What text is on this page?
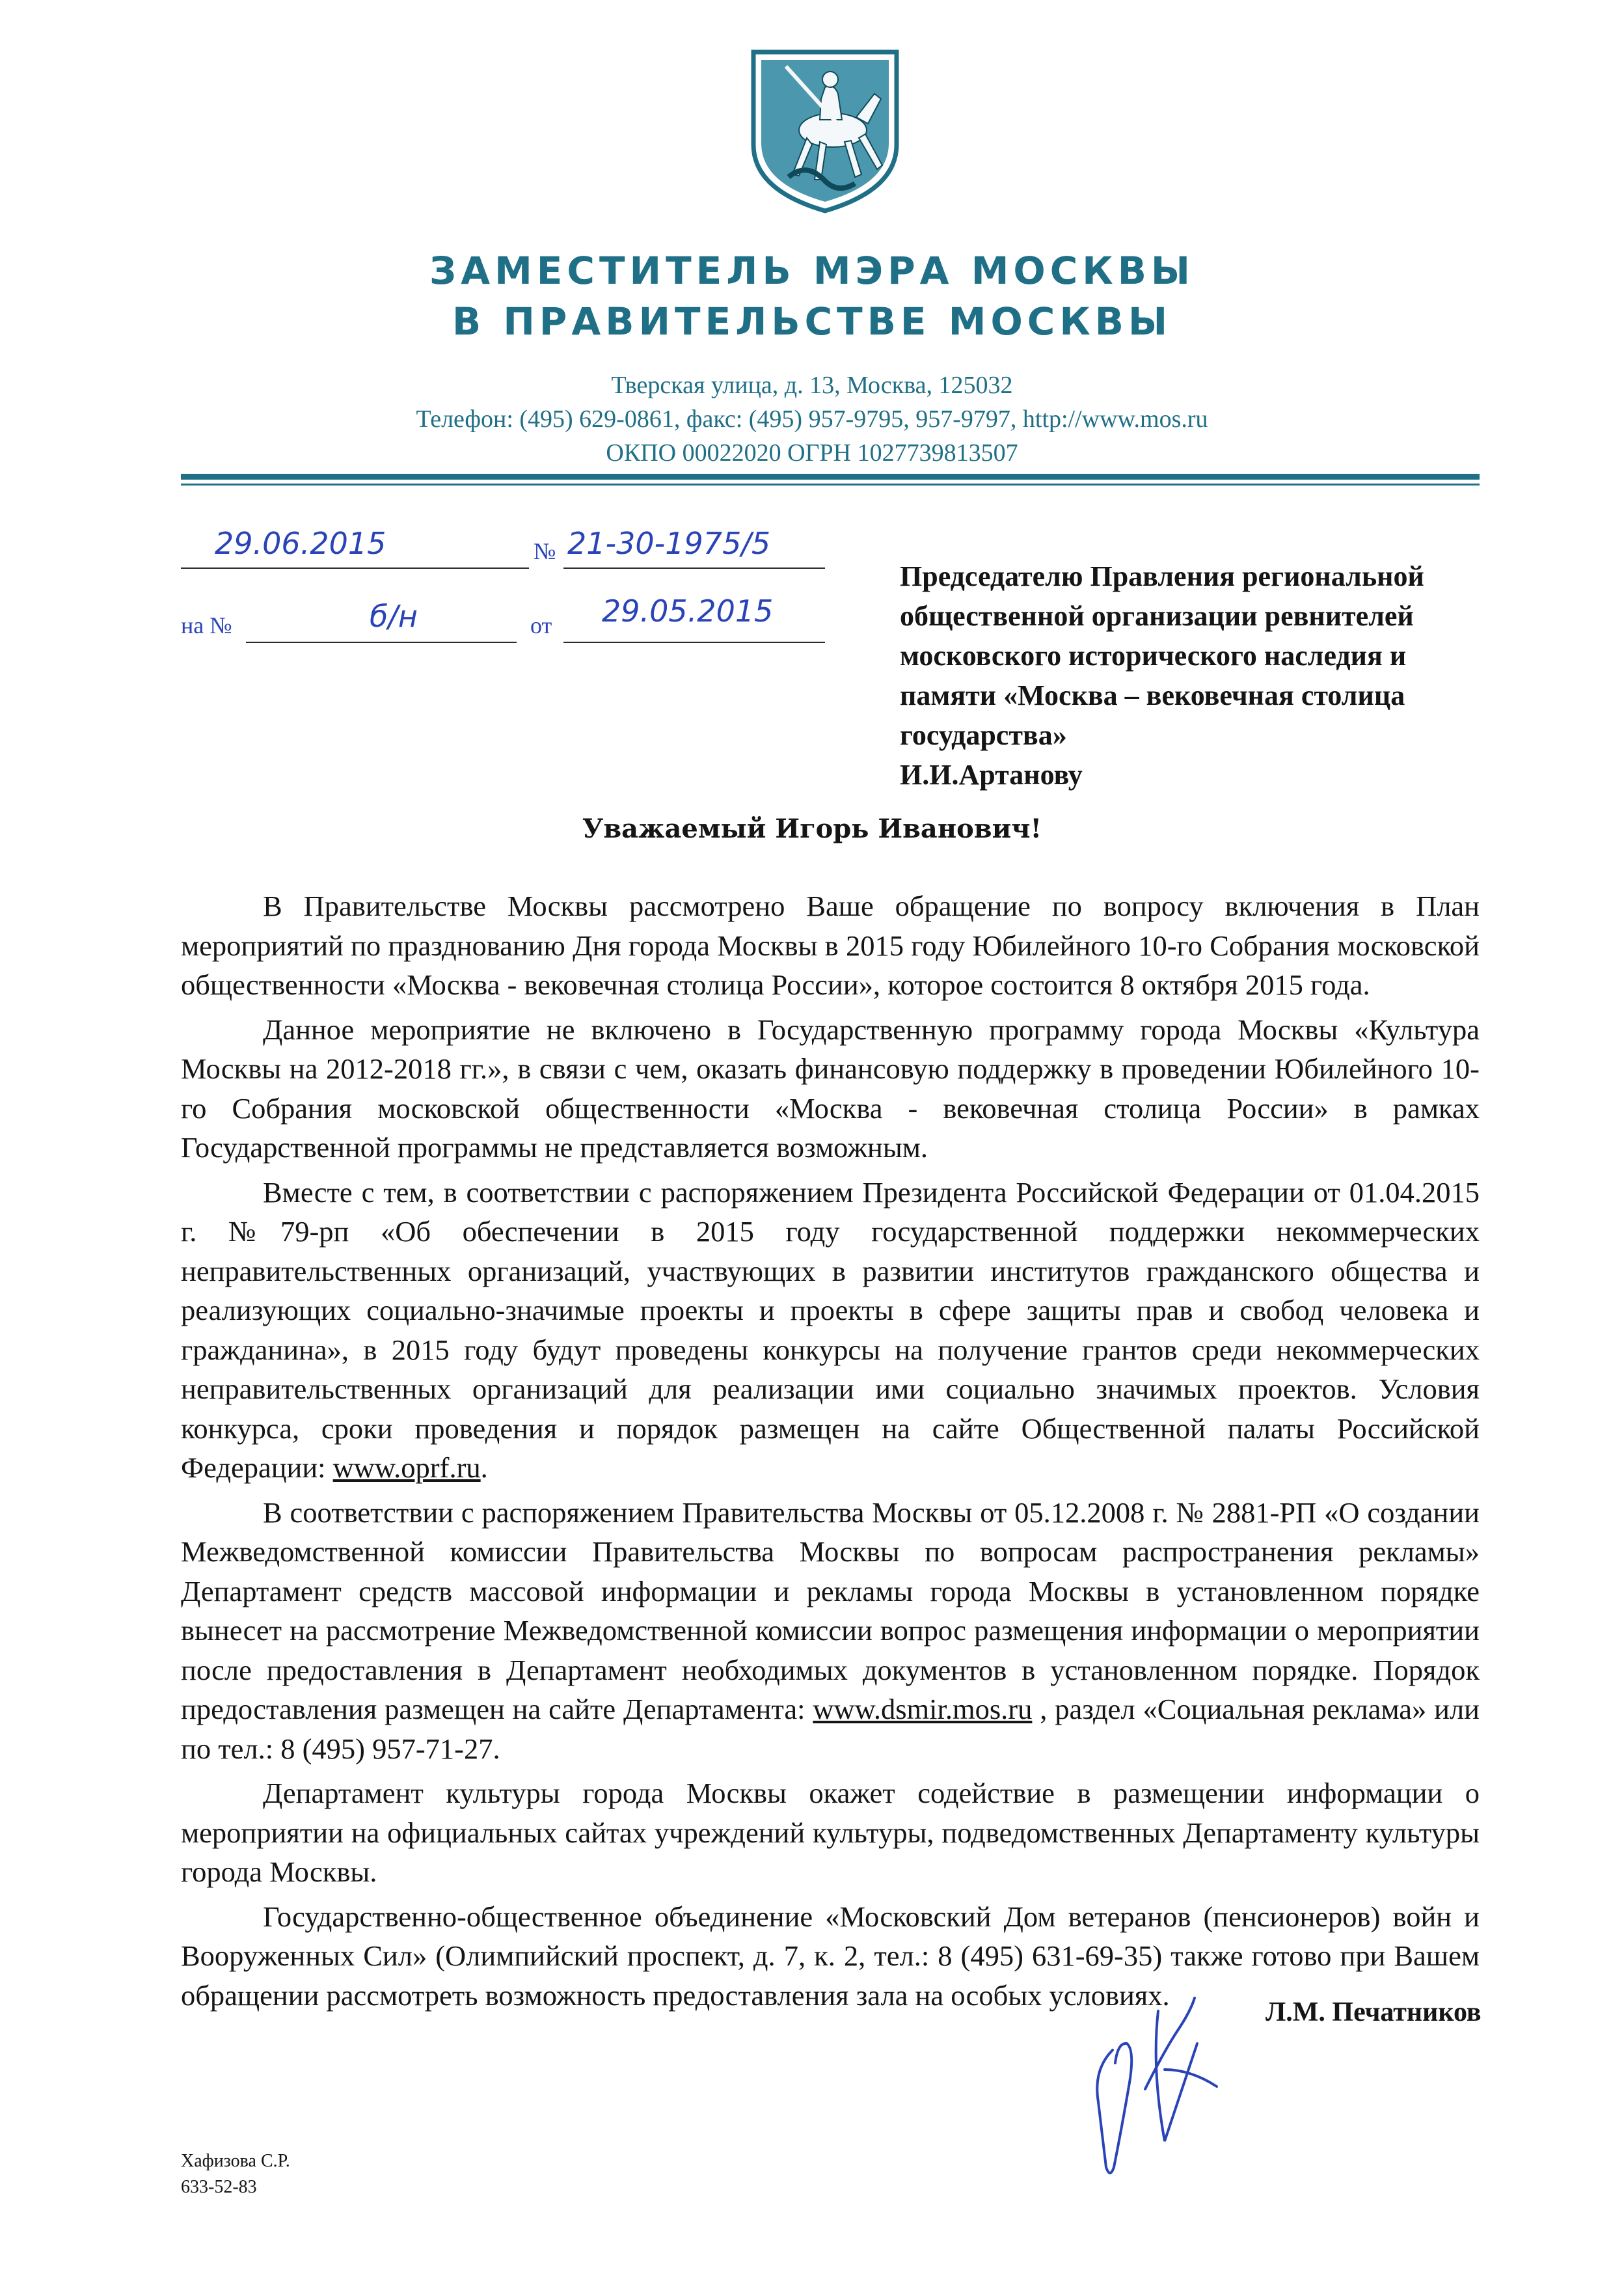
ЗАМЕСТИТЕЛЬ МЭРА МОСКВЫ
В ПРАВИТЕЛЬСТВЕ МОСКВЫ
Тверская улица, д. 13, Москва, 125032
Телефон: (495) 629-0861, факс: (495) 957-9795, 957-9797, http://www.mos.ru
ОКПО 00022020 ОГРН 1027739813507
29.06.2015	№ 21-30-1975/5
на №	б/н	от 29.05.2015
Председателю Правления региональной
общественной организации ревнителей
московского исторического наследия и
памяти «Москва – вековечная столица
государства»
И.И.Артанову
Уважаемый Игорь Иванович!

В Правительстве Москвы рассмотрено Ваше обращение по вопросу включения в План мероприятий по празднованию Дня города Москвы в 2015 году Юбилейного 10-го Собрания московской общественности «Москва - вековечная столица России», которое состоится 8 октября 2015 года.

Данное мероприятие не включено в Государственную программу города Москвы «Культура Москвы на 2012-2018 гг.», в связи с чем, оказать финансовую поддержку в проведении Юбилейного 10-го Собрания московской общественности «Москва - вековечная столица России» в рамках Государственной программы не представляется возможным.

Вместе с тем, в соответствии с распоряжением Президента Российской Федерации от 01.04.2015 г. №79-рп «Об обеспечении в 2015 году государственной поддержки некоммерческих неправительственных организаций, участвующих в развитии институтов гражданского общества и реализующих социально-значимые проекты и проекты в сфере защиты прав и свобод человека и гражданина», в 2015 году будут проведены конкурсы на получение грантов среди некоммерческих неправительственных организаций для реализации ими социально значимых проектов. Условия конкурса, сроки проведения и порядок размещен на сайте Общественной палаты Российской Федерации: www.oprf.ru.

В соответствии с распоряжением Правительства Москвы от 05.12.2008 г. № 2881-РП «О создании Межведомственной комиссии Правительства Москвы по вопросам распространения рекламы» Департамент средств массовой информации и рекламы города Москвы в установленном порядке вынесет на рассмотрение Межведомственной комиссии вопрос размещения информации о мероприятии после предоставления в Департамент необходимых документов в установленном порядке. Порядок предоставления размещен на сайте Департамента: www.dsmir.mos.ru , раздел «Социальная реклама» или по тел.: 8 (495) 957-71-27.

Департамент культуры города Москвы окажет содействие в размещении информации о мероприятии на официальных сайтах учреждений культуры, подведомственных Департаменту культуры города Москвы.

Государственно-общественное объединение «Московский Дом ветеранов (пенсионеров) войн и Вооруженных Сил» (Олимпийский проспект, д. 7, к. 2, тел.: 8 (495) 631-69-35) также готово при Вашем обращении рассмотреть возможность предоставления зала на особых условиях.

Л.М. Печатников
Хафизова С.Р.
633-52-83
